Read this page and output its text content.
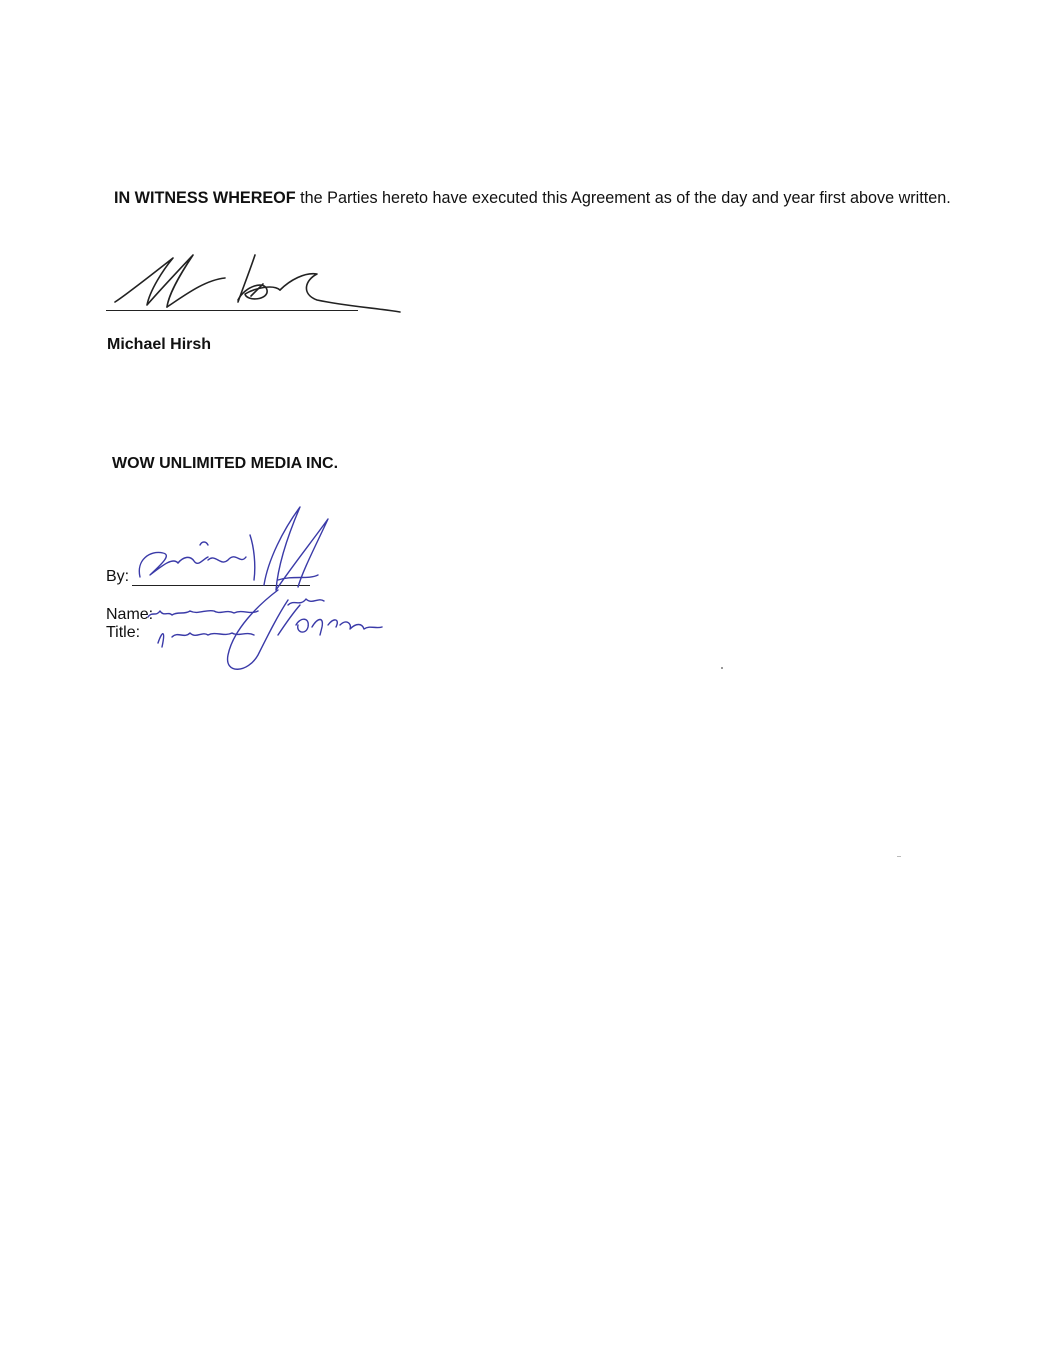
IN WITNESS WHEREOF the Parties hereto have executed this Agreement as of the day and year first above written.

Michael Hirsh
WOW UNLIMITED MEDIA INC.
By:
Name:
Title:
